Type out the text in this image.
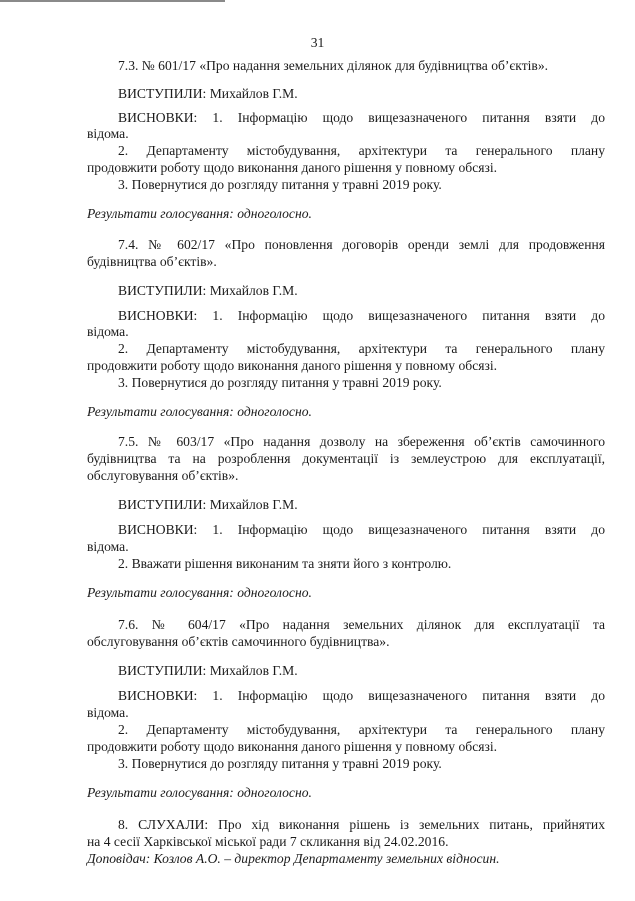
31
7.3. № 601/17 «Про надання земельних ділянок для будівництва об’єктів».
ВИСТУПИЛИ: Михайлов Г.М.
ВИСНОВКИ: 1. Інформацію щодо вищезазначеного питання взяти до
відома.
2. Департаменту містобудування, архітектури та генерального плану
продовжити роботу щодо виконання даного рішення у повному обсязі.
3. Повернутися до розгляду питання у травні 2019 року.
Результати голосування: одноголосно.
7.4. № 602/17 «Про поновлення договорів оренди землі для продовження
будівництва об’єктів».
ВИСТУПИЛИ: Михайлов Г.М.
ВИСНОВКИ: 1. Інформацію щодо вищезазначеного питання взяти до
відома.
2. Департаменту містобудування, архітектури та генерального плану
продовжити роботу щодо виконання даного рішення у повному обсязі.
3. Повернутися до розгляду питання у травні 2019 року.
Результати голосування: одноголосно.
7.5. № 603/17 «Про надання дозволу на збереження об’єктів самочинного
будівництва та на розроблення документації із землеустрою для експлуатації,
обслуговування об’єктів».
ВИСТУПИЛИ: Михайлов Г.М.
ВИСНОВКИ: 1. Інформацію щодо вищезазначеного питання взяти до
відома.
2. Вважати рішення виконаним та зняти його з контролю.
Результати голосування: одноголосно.
7.6. № 604/17 «Про надання земельних ділянок для експлуатації та
обслуговування об’єктів самочинного будівництва».
ВИСТУПИЛИ: Михайлов Г.М.
ВИСНОВКИ: 1. Інформацію щодо вищезазначеного питання взяти до
відома.
2. Департаменту містобудування, архітектури та генерального плану
продовжити роботу щодо виконання даного рішення у повному обсязі.
3. Повернутися до розгляду питання у травні 2019 року.
Результати голосування: одноголосно.
8. СЛУХАЛИ: Про хід виконання рішень із земельних питань, прийнятих
на 4 сесії Харківської міської ради 7 скликання від 24.02.2016.
Доповідач: Козлов А.О. – директор Департаменту земельних відносин.
